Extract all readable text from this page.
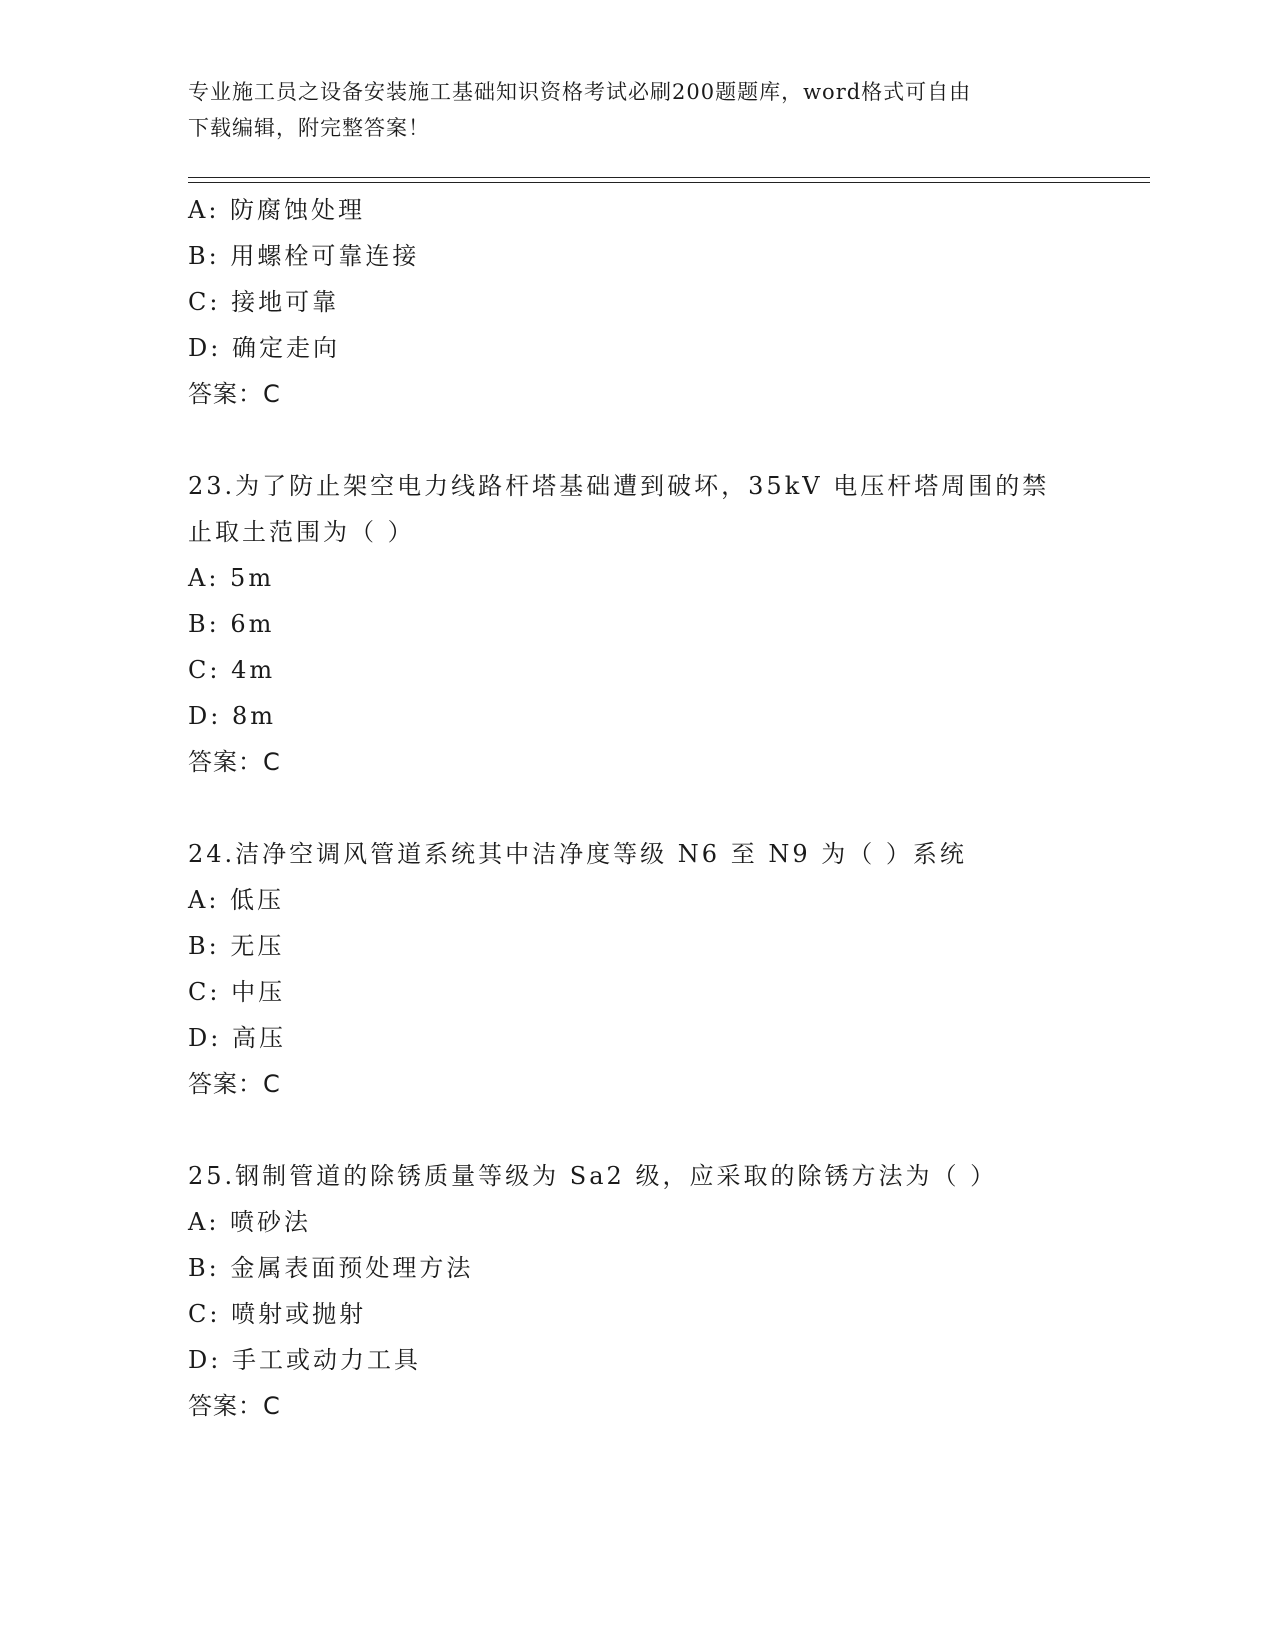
专业施工员之设备安装施工基础知识资格考试必刷200题题库，word格式可自由
下载编辑，附完整答案！
A: 防腐蚀处理
B: 用螺栓可靠连接
C: 接地可靠
D: 确定走向
答案：C
23.为了防止架空电力线路杆塔基础遭到破坏，35kV 电压杆塔周围的禁
止取土范围为（ ）
A: 5m
B: 6m
C: 4m
D: 8m
答案：C
24.洁净空调风管道系统其中洁净度等级 N6 至 N9 为（ ）系统
A: 低压
B: 无压
C: 中压
D: 高压
答案：C
25.钢制管道的除锈质量等级为 Sa2 级，应采取的除锈方法为（ ）
A: 喷砂法
B: 金属表面预处理方法
C: 喷射或抛射
D: 手工或动力工具
答案：C
